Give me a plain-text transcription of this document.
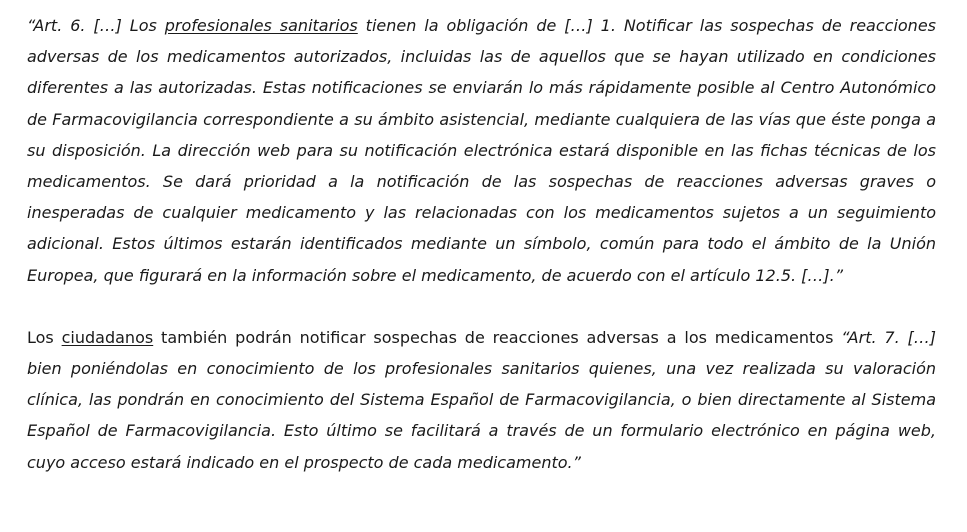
“Art. 6. […] Los profesionales sanitarios tienen la obligación de […] 1. Notificar las sospechas de reacciones adversas de los medicamentos autorizados, incluidas las de aquellos que se hayan utilizado en condiciones diferentes a las autorizadas. Estas notificaciones se enviarán lo más rápidamente posible al Centro Autonómico de Farmacovigilancia correspondiente a su ámbito asistencial, mediante cualquiera de las vías que éste ponga a su disposición. La dirección web para su notificación electrónica estará disponible en las fichas técnicas de los medicamentos. Se dará prioridad a la notificación de las sospechas de reacciones adversas graves o inesperadas de cualquier medicamento y las relacionadas con los medicamentos sujetos a un seguimiento adicional. Estos últimos estarán identificados mediante un símbolo, común para todo el ámbito de la Unión Europea, que figurará en la información sobre el medicamento, de acuerdo con el artículo 12.5. […].”

Los ciudadanos también podrán notificar sospechas de reacciones adversas a los medicamentos “Art. 7. […] bien poniéndolas en conocimiento de los profesionales sanitarios quienes, una vez realizada su valoración clínica, las pondrán en conocimiento del Sistema Español de Farmacovigilancia, o bien directamente al Sistema Español de Farmacovigilancia. Esto último se facilitará a través de un formulario electrónico en página web, cuyo acceso estará indicado en el prospecto de cada medicamento.”
